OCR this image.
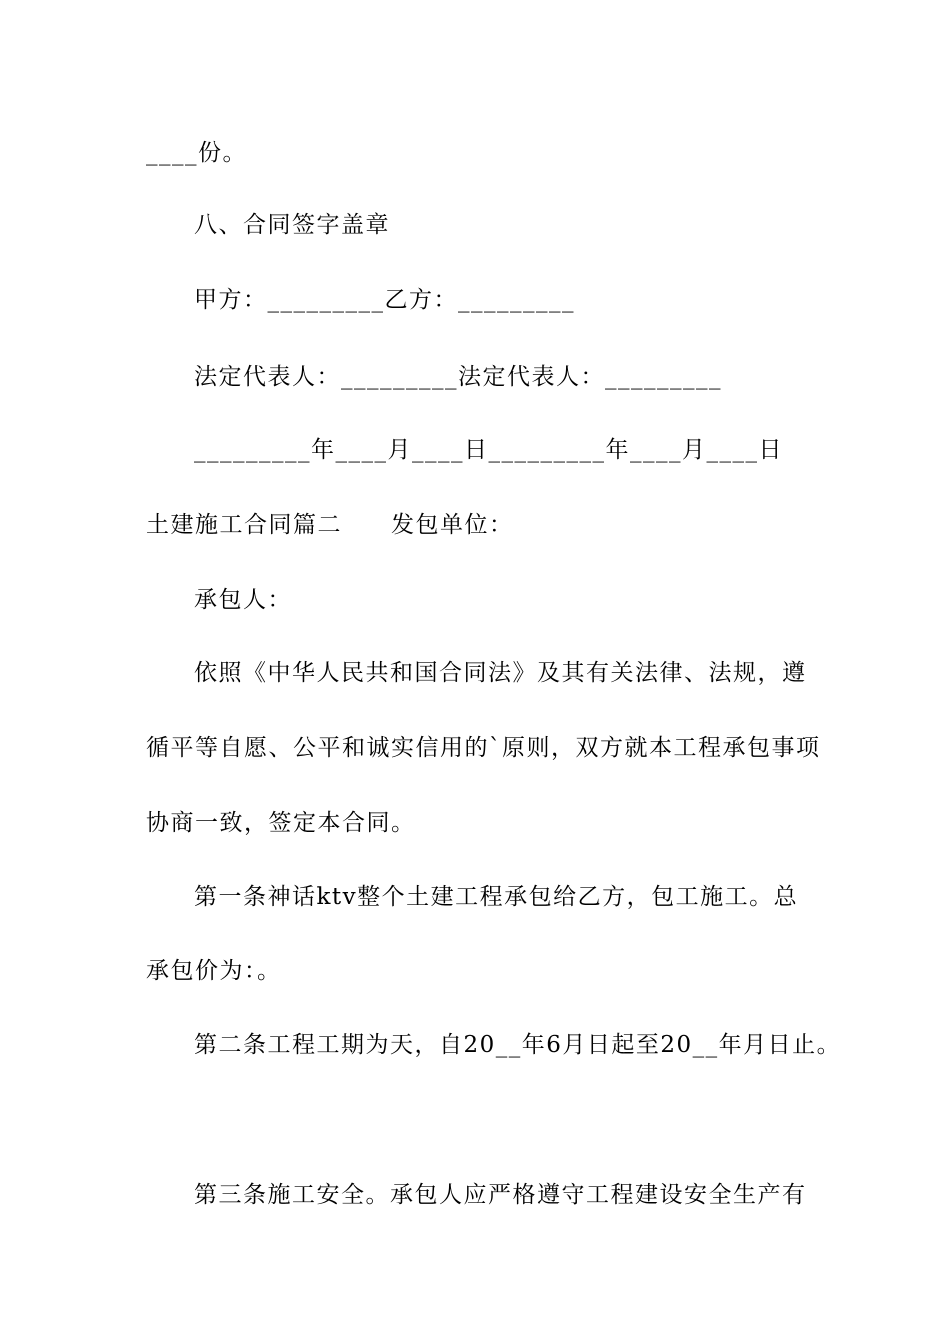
____份。
八、合同签字盖章
甲方：_________乙方：_________
法定代表人：_________法定代表人：_________
_________年____月____日_________年____月____日
土建施工合同篇二　　发包单位：
承包人：
依照《中华人民共和国合同法》及其有关法律、法规，遵
循平等自愿、公平和诚实信用的`原则，双方就本工程承包事项
协商一致，签定本合同。
第一条神话ktv整个土建工程承包给乙方，包工施工。总
承包价为：。
第二条工程工期为天，自20__年6月日起至20__年月日止。
第三条施工安全。承包人应严格遵守工程建设安全生产有
